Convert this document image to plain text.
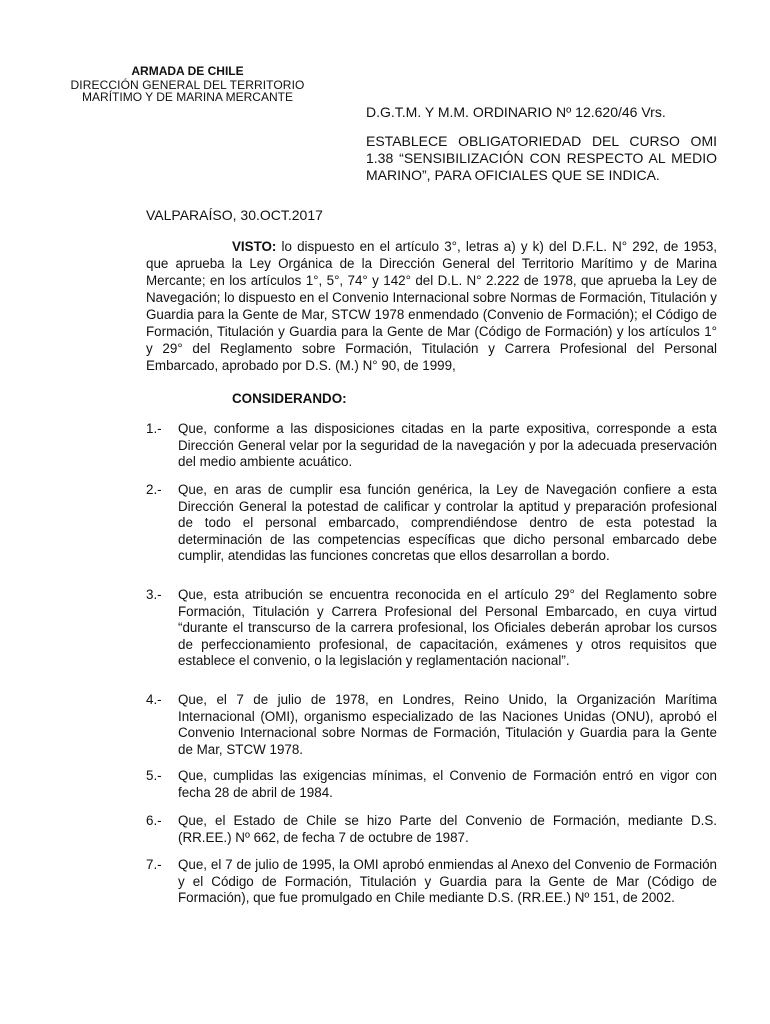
ARMADA DE CHILE
DIRECCIÓN GENERAL DEL TERRITORIO
MARÍTIMO Y DE MARINA MERCANTE
D.G.T.M. Y M.M. ORDINARIO Nº 12.620/46 Vrs.
ESTABLECE OBLIGATORIEDAD DEL CURSO OMI 1.38 “SENSIBILIZACIÓN CON RESPECTO AL MEDIO MARINO”, PARA OFICIALES QUE SE INDICA.
VALPARAÍSO, 30.OCT.2017
VISTO: lo dispuesto en el artículo 3°, letras a) y k) del D.F.L. N° 292, de 1953, que aprueba la Ley Orgánica de la Dirección General del Territorio Marítimo y de Marina Mercante; en los artículos 1°, 5°, 74° y 142° del D.L. N° 2.222 de 1978, que aprueba la Ley de Navegación; lo dispuesto en el Convenio Internacional sobre Normas de Formación, Titulación y Guardia para la Gente de Mar, STCW 1978 enmendado (Convenio de Formación); el Código de Formación, Titulación y Guardia para la Gente de Mar (Código de Formación) y los artículos 1° y 29° del Reglamento sobre Formación, Titulación y Carrera Profesional del Personal Embarcado, aprobado por D.S. (M.) N° 90, de 1999,
CONSIDERANDO:
1.- Que, conforme a las disposiciones citadas en la parte expositiva, corresponde a esta Dirección General velar por la seguridad de la navegación y por la adecuada preservación del medio ambiente acuático.
2.- Que, en aras de cumplir esa función genérica, la Ley de Navegación confiere a esta Dirección General la potestad de calificar y controlar la aptitud y preparación profesional de todo el personal embarcado, comprendiéndose dentro de esta potestad la determinación de las competencias específicas que dicho personal embarcado debe cumplir, atendidas las funciones concretas que ellos desarrollan a bordo.
3.- Que, esta atribución se encuentra reconocida en el artículo 29° del Reglamento sobre Formación, Titulación y Carrera Profesional del Personal Embarcado, en cuya virtud “durante el transcurso de la carrera profesional, los Oficiales deberán aprobar los cursos de perfeccionamiento profesional, de capacitación, exámenes y otros requisitos que establece el convenio, o la legislación y reglamentación nacional”.
4.- Que, el 7 de julio de 1978, en Londres, Reino Unido, la Organización Marítima Internacional (OMI), organismo especializado de las Naciones Unidas (ONU), aprobó el Convenio Internacional sobre Normas de Formación, Titulación y Guardia para la Gente de Mar, STCW 1978.
5.- Que, cumplidas las exigencias mínimas, el Convenio de Formación entró en vigor con fecha 28 de abril de 1984.
6.- Que, el Estado de Chile se hizo Parte del Convenio de Formación, mediante D.S. (RR.EE.) Nº 662, de fecha 7 de octubre de 1987.
7.- Que, el 7 de julio de 1995, la OMI aprobó enmiendas al Anexo del Convenio de Formación y el Código de Formación, Titulación y Guardia para la Gente de Mar (Código de Formación), que fue promulgado en Chile mediante D.S. (RR.EE.) Nº 151, de 2002.
